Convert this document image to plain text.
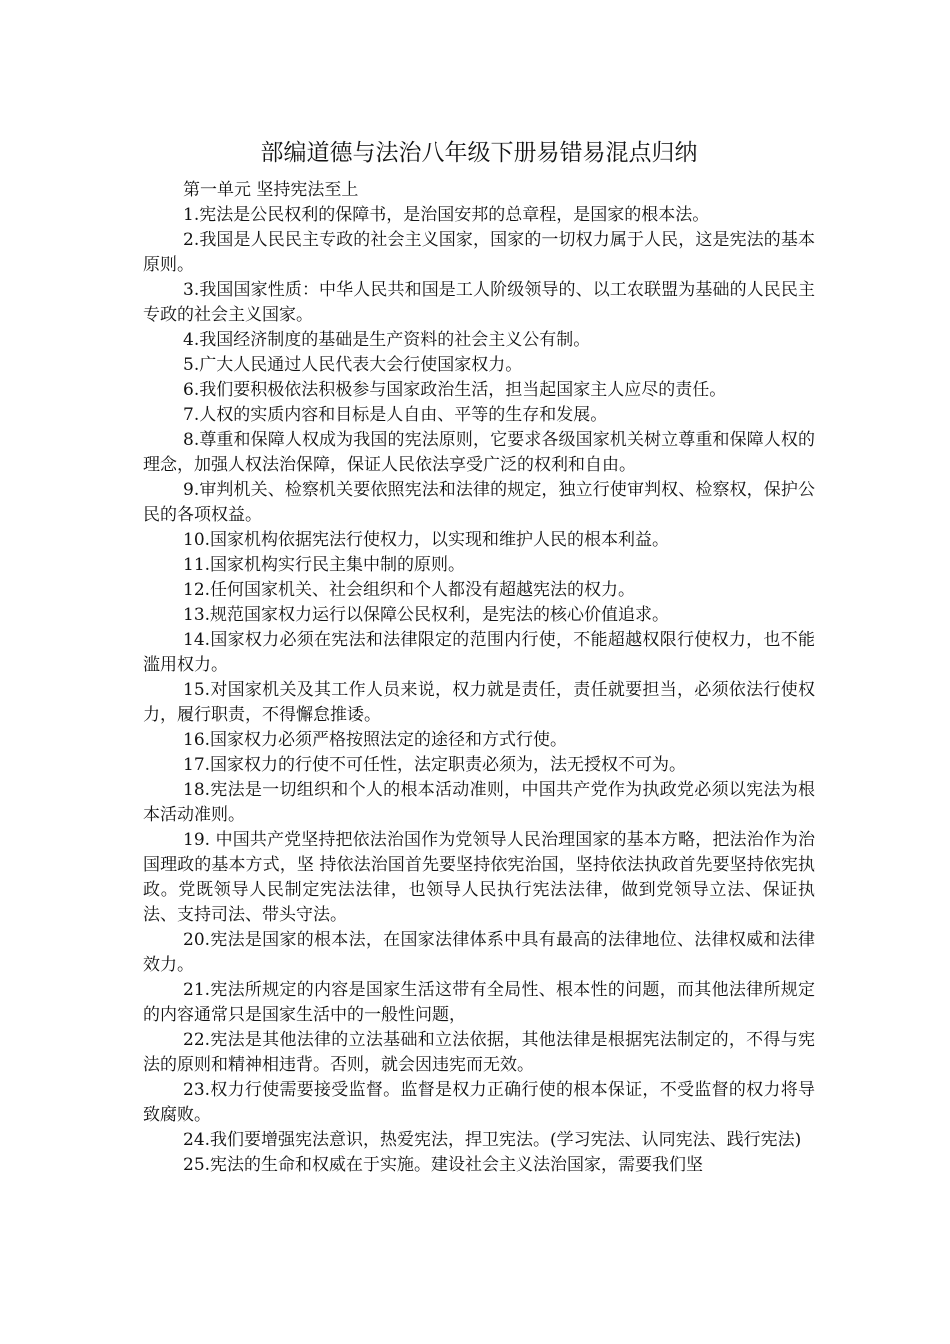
部编道德与法治八年级下册易错易混点归纳

第一单元 坚持宪法至上

1.宪法是公民权利的保障书，是治国安邦的总章程，是国家的根本法。

2.我国是人民民主专政的社会主义国家，国家的一切权力属于人民，这是宪法的基本原则。

3.我国国家性质：中华人民共和国是工人阶级领导的、以工农联盟为基础的人民民主专政的社会主义国家。

4.我国经济制度的基础是生产资料的社会主义公有制。

5.广大人民通过人民代表大会行使国家权力。

6.我们要积极依法积极参与国家政治生活，担当起国家主人应尽的责任。

7.人权的实质内容和目标是人自由、平等的生存和发展。

8.尊重和保障人权成为我国的宪法原则，它要求各级国家机关树立尊重和保障人权的理念，加强人权法治保障，保证人民依法享受广泛的权利和自由。

9.审判机关、检察机关要依照宪法和法律的规定，独立行使审判权、检察权，保护公民的各项权益。

10.国家机构依据宪法行使权力，以实现和维护人民的根本利益。

11.国家机构实行民主集中制的原则。

12.任何国家机关、社会组织和个人都没有超越宪法的权力。

13.规范国家权力运行以保障公民权利，是宪法的核心价值追求。

14.国家权力必须在宪法和法律限定的范围内行使，不能超越权限行使权力，也不能滥用权力。

15.对国家机关及其工作人员来说，权力就是责任，责任就要担当，必须依法行使权力，履行职责，不得懈怠推诿。

16.国家权力必须严格按照法定的途径和方式行使。

17.国家权力的行使不可任性，法定职责必须为，法无授权不可为。

18.宪法是一切组织和个人的根本活动准则，中国共产党作为执政党必须以宪法为根本活动准则。

19. 中国共产党坚持把依法治国作为党领导人民治理国家的基本方略，把法治作为治国理政的基本方式，坚 持依法治国首先要坚持依宪治国，坚持依法执政首先要坚持依宪执政。党既领导人民制定宪法法律，也领导人民执行宪法法律，做到党领导立法、保证执法、支持司法、带头守法。

20.宪法是国家的根本法，在国家法律体系中具有最高的法律地位、法律权威和法律效力。

21.宪法所规定的内容是国家生活这带有全局性、根本性的问题，而其他法律所规定的内容通常只是国家生活中的一般性问题，

22.宪法是其他法律的立法基础和立法依据，其他法律是根据宪法制定的，不得与宪法的原则和精神相违背。否则，就会因违宪而无效。

23.权力行使需要接受监督。监督是权力正确行使的根本保证，不受监督的权力将导致腐败。

24.我们要增强宪法意识，热爱宪法，捍卫宪法。(学习宪法、认同宪法、践行宪法)

25.宪法的生命和权威在于实施。建设社会主义法治国家，需要我们坚
